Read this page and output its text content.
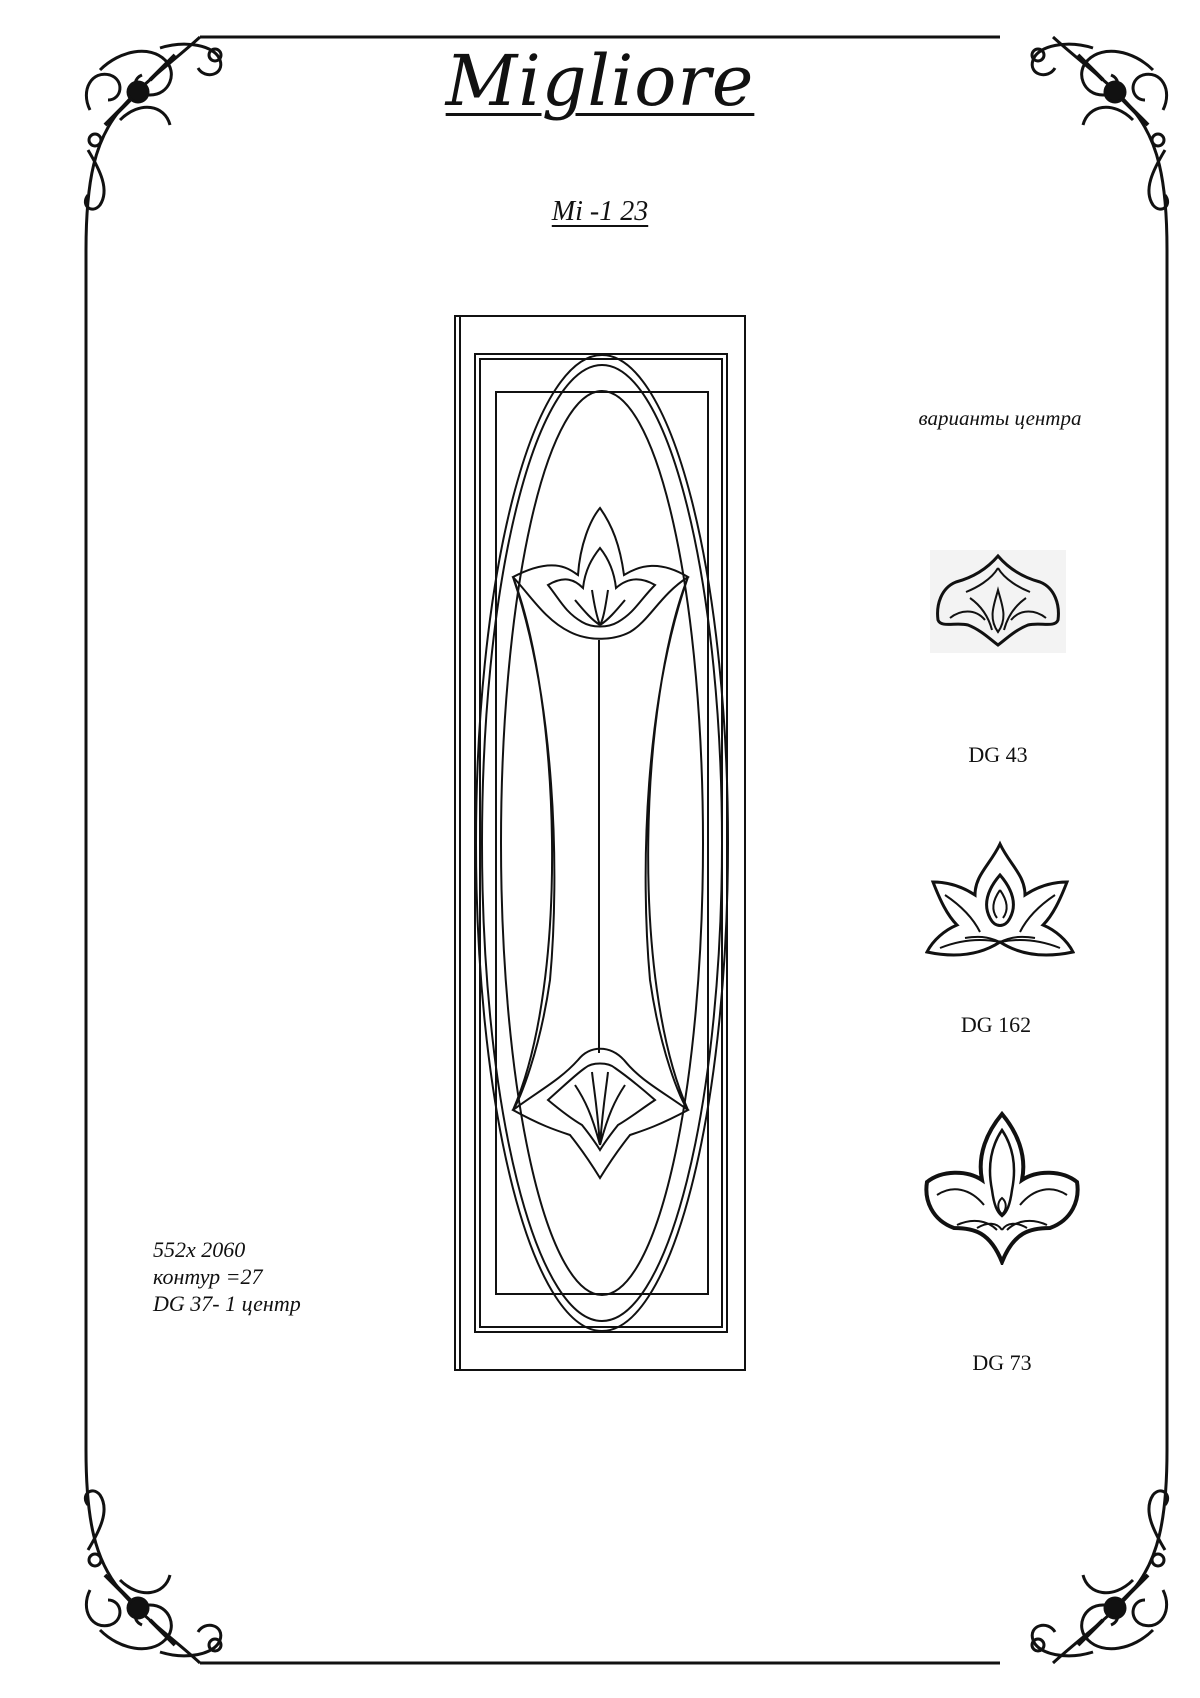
Migliore
Mi -1 23
варианты центра
DG 43
DG 162
DG 73
552x 2060
контур =27
DG 37- 1 центр
